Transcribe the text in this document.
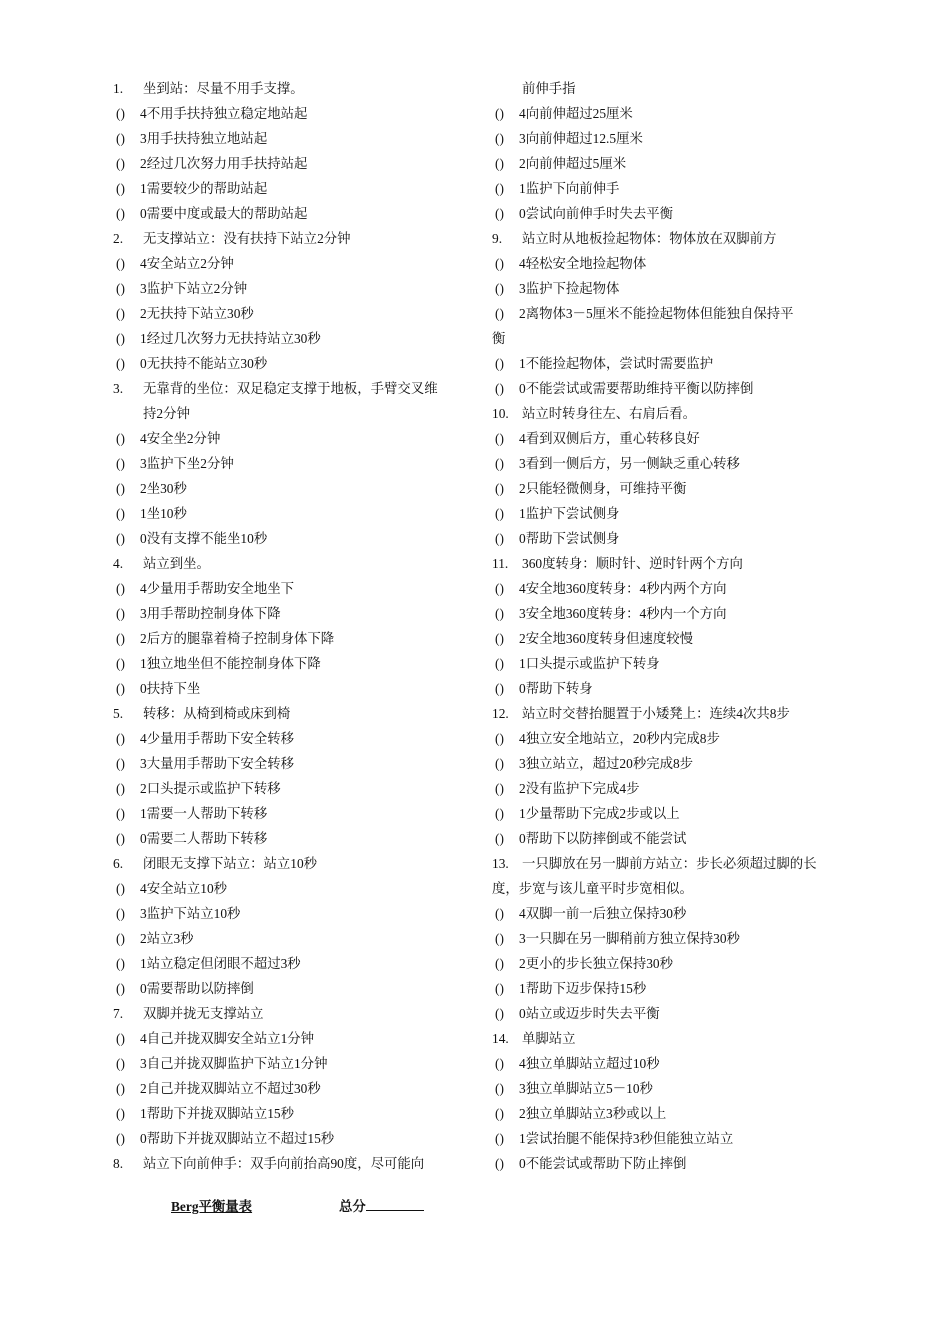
1.	坐到站：尽量不用手支撑。
( )4不用手扶持独立稳定地站起
( )3用手扶持独立地站起
( )2经过几次努力用手扶持站起
( )1需要较少的帮助站起
( )0需要中度或最大的帮助站起
2.	无支撑站立：没有扶持下站立2分钟
( )4安全站立2分钟
( )3监护下站立2分钟
( )2无扶持下站立30秒
( )1经过几次努力无扶持站立30秒
( )0无扶持不能站立30秒
3.	无靠背的坐位：双足稳定支撑于地板，手臂交叉维
持2分钟
( )4安全坐2分钟
( )3监护下坐2分钟
( )2坐30秒
( )1坐10秒
( )0没有支撑不能坐10秒
4.	站立到坐。
( )4少量用手帮助安全地坐下
( )3用手帮助控制身体下降
( )2后方的腿靠着椅子控制身体下降
( )1独立地坐但不能控制身体下降
( )0扶持下坐
5.	转移：从椅到椅或床到椅
( )4少量用手帮助下安全转移
( )3大量用手帮助下安全转移
( )2口头提示或监护下转移
( )1需要一人帮助下转移
( )0需要二人帮助下转移
6.	闭眼无支撑下站立：站立10秒
( )4安全站立10秒
( )3监护下站立10秒
( )2站立3秒
( )1站立稳定但闭眼不超过3秒
( )0需要帮助以防摔倒
7.	双脚并拢无支撑站立
( )4自己并拢双脚安全站立1分钟
( )3自己并拢双脚监护下站立1分钟
( )2自己并拢双脚站立不超过30秒
( )1帮助下并拢双脚站立15秒
( )0帮助下并拢双脚站立不超过15秒
8.	站立下向前伸手：双手向前抬高90度，尽可能向
前伸手指
( )4向前伸超过25厘米
( )3向前伸超过12.5厘米
( )2向前伸超过5厘米
( )1监护下向前伸手
( )0尝试向前伸手时失去平衡
9.	站立时从地板捡起物体：物体放在双脚前方
( )4轻松安全地捡起物体
( )3监护下捡起物体
( )2离物体3－5厘米不能捡起物体但能独自保持平
衡
( )1不能捡起物体，尝试时需要监护
( )0不能尝试或需要帮助维持平衡以防摔倒
10. 站立时转身往左、右肩后看。
( )4看到双侧后方，重心转移良好
( )3看到一侧后方，另一侧缺乏重心转移
( )2只能轻微侧身，可维持平衡
( )1监护下尝试侧身
( )0帮助下尝试侧身
11.	360度转身：顺时针、逆时针两个方向
( )4安全地360度转身：4秒内两个方向
( )3安全地360度转身：4秒内一个方向
( )2安全地360度转身但速度较慢
( )1口头提示或监护下转身
( )0帮助下转身
12. 站立时交替抬腿置于小矮凳上：连续4次共8步
( )4独立安全地站立，20秒内完成8步
( )3独立站立，超过20秒完成8步
( )2没有监护下完成4步
( )1少量帮助下完成2步或以上
( )0帮助下以防摔倒或不能尝试
13. 一只脚放在另一脚前方站立：步长必须超过脚的长
度，步宽与该儿童平时步宽相似。
( )4双脚一前一后独立保持30秒
( )3一只脚在另一脚稍前方独立保持30秒
( )2更小的步长独立保持30秒
( )1帮助下迈步保持15秒
( )0站立或迈步时失去平衡
14. 单脚站立
( )4独立单脚站立超过10秒
( )3独立单脚站立5－10秒
( )2独立单脚站立3秒或以上
( )1尝试抬腿不能保持3秒但能独立站立
( )0不能尝试或帮助下防止摔倒
Berg平衡量表	总分
